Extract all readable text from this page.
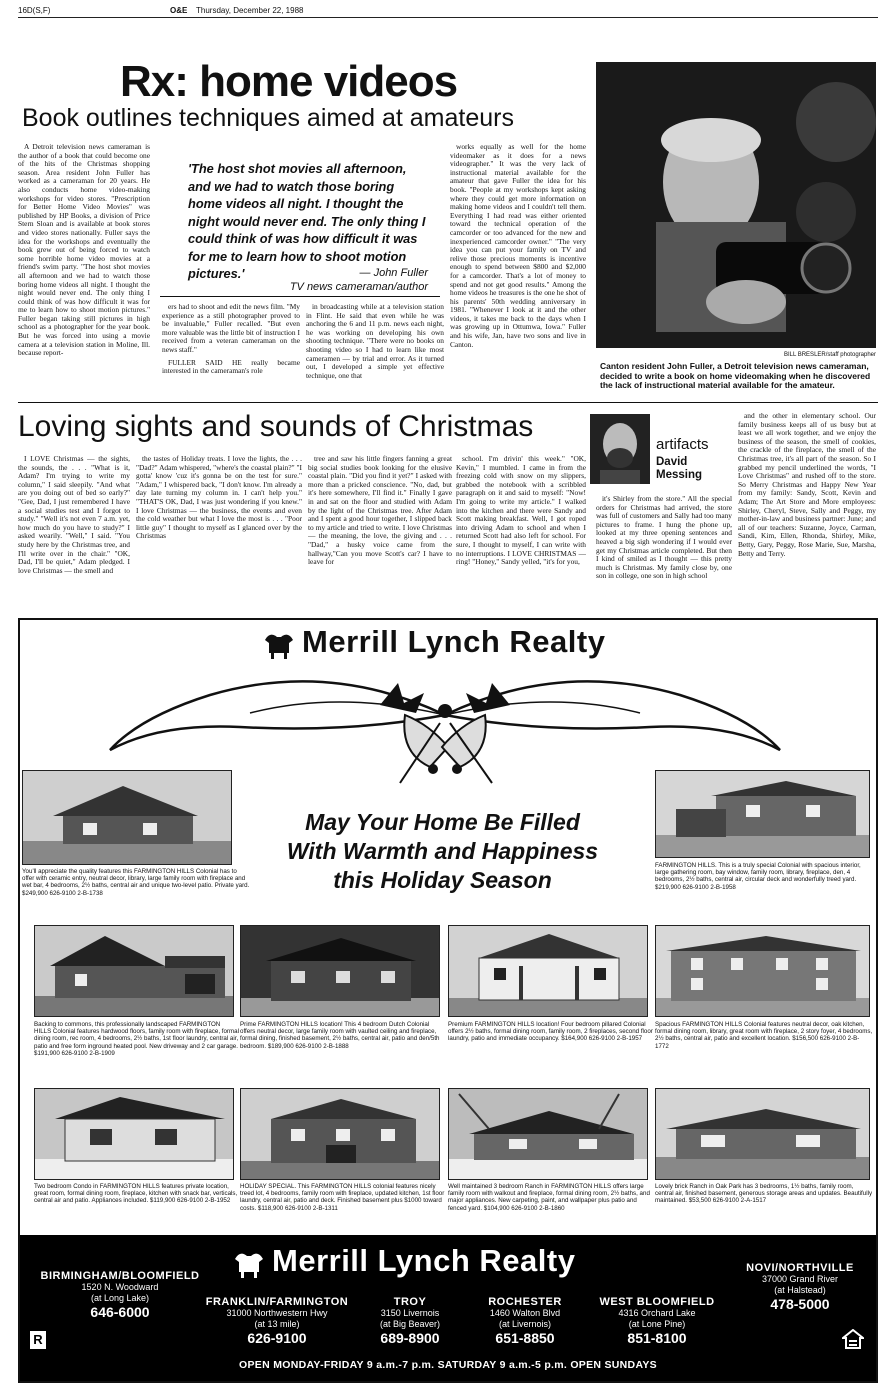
16D(S,F)	O&E Thursday, December 22, 1988
Rx: home videos
Book outlines techniques aimed at amateurs

A Detroit television news cameraman is the author of a book that could become one of the hits of the Christmas shopping season. Area resident John Fuller has worked as a cameraman for 20 years. He also conducts home video-making workshops for video stores. "Prescription for Better Home Video Movies" was published by HP Books, a division of Price Stern Sloan and is available at book stores and video stores nationally. Fuller says the idea for the workshops and eventually the book grew out of being forced to watch some horrible home video movies at a friend's swim party. "The host shot movies all afternoon and we had to watch those boring home videos all night. I thought the night would never end. The only thing I could think of was how difficult it was for me to learn how to shoot motion pictures." Fuller began taking still pictures in high school as a photographer for the year book. But he was forced into using a movie camera at a television station in Moline, Ill. because report-

'The host shot movies all afternoon, and we had to watch those boring home videos all night. I thought the night would never end. The only thing I could think of was how difficult it was for me to learn how to shoot motion pictures.'	— John Fuller
TV news cameraman/author

ers had to shoot and edit the news film. "My experience as a still photographer proved to be invaluable," Fuller recalled. "But even more valuable was the little bit of instruction I received from a veteran cameraman on the news staff."

FULLER SAID HE really became interested in the cameraman's role

in broadcasting while at a television station in Flint. He said that even while he was anchoring the 6 and 11 p.m. news each night, he was working on developing his own shooting technique. "There were no books on shooting video so I had to learn like most cameramen — by trial and error. As it turned out, I developed a simple yet effective technique, one that

works equally as well for the home videomaker as it does for a news videographer." It was the very lack of instructional material available for the amateur that gave Fuller the idea for his book. "People at my workshops kept asking where they could get more information on making home videos and I couldn't tell them. Everything I had read was either oriented toward the technical operation of the camcorder or too advanced for the new and inexperienced camcorder owner." "The very idea you can put your family on TV and relive those precious moments is incentive enough to spend between $800 and $2,000 for a camcorder. That's a lot of money to spend and not get good results." Among the home videos he treasures is the one he shot of his parents' 50th wedding anniversary in 1981. "Whenever I look at it and the other videos, it takes me back to the days when I was growing up in Ottumwa, Iowa." Fuller and his wife, Jan, have two sons and live in Canton.

BILL BRESLER/staff photographer
Canton resident John Fuller, a Detroit television news cameraman, decided to write a book on home videomaking when he discovered the lack of instructional material available for the amateur.
Loving sights and sounds of Christmas
artifacts
David
Messing

I LOVE Christmas — the sights, the sounds, the . . . "What is it, Adam? I'm trying to write my column," I said sleepily. "And what are you doing out of bed so early?" "Gee, Dad, I just remembered I have a social studies test and I forgot to study." "Well it's not even 7 a.m. yet, how much do you have to study?" I asked wearily. "Well," I said. "You study here by the Christmas tree, and I'll write over in the chair." "OK, Dad, I'll be quiet," Adam pledged. I love Christmas — the smell and

the tastes of Holiday treats. I love the lights, the . . . "Dad?" Adam whispered, "where's the coastal plain?" "I gotta' know 'cuz it's gonna be on the test for sure." "Adam," I whispered back, "I don't know. I'm already a day late turning my column in. I can't help you." "THAT'S OK, Dad, I was just wondering if you knew." I love Christmas — the business, the events and even the cold weather but what I love the most is . . . "Poor little guy" I thought to myself as I glanced over by the Christmas

tree and saw his little fingers fanning a great big social studies book looking for the elusive coastal plain. "Did you find it yet?" I asked with more than a pricked conscience. "No, dad, but it's here somewhere, I'll find it." Finally I gave in and sat on the floor and studied with Adam by the light of the Christmas tree. After Adam and I spent a good hour together, I slipped back to my article and tried to write. I love Christmas — the meaning, the love, the giving and . . . "Dad," a husky voice came from the hallway,"Can you move Scott's car? I have to leave for

school. I'm drivin' this week." "OK, Kevin," I mumbled. I came in from the freezing cold with snow on my slippers, grabbed the notebook with a scribbled paragraph on it and said to myself: "Now! I'm going to write my article." I walked into the kitchen and there were Sandy and Scott making breakfast. Well, I got roped into driving Adam to school and when I returned Scott had also left for school. For sure, I thought to myself, I can write with no interruptions. I LOVE CHRISTMAS — ring! "Honey," Sandy yelled, "it's for you,

it's Shirley from the store." All the special orders for Christmas had arrived, the store was full of customers and Sally had too many pictures to frame. I hung the phone up, looked at my three opening sentences and heaved a big sigh wondering if I would ever get my Christmas article completed. But then I kind of smiled as I thought — this pretty much is Christmas. My family close by, one son in college, one son in high school

and the other in elementary school. Our family business keeps all of us busy but at least we all work together, and we enjoy the business of the season, the smell of cookies, the crackle of the fireplace, the smell of the Christmas tree, it's all part of the season. So I grabbed my pencil underlined the words, "I Love Christmas" and rushed off to the store. So Merry Christmas and Happy New Year from my family: Sandy, Scott, Kevin and Adam; The Art Store and More employees: Shirley, Cheryl, Steve, Sally and Peggy, my mother-in-law and business partner: June; and all of our teachers: Suzanne, Joyce, Carman, Sandi, Kim, Ellen, Rhonda, Shirley, Mike, Betty, Gary, Peggy, Rose Marie, Sue, Marsha, Betty and Terry.

Merrill Lynch Realty
May Your Home Be Filled
With Warmth and Happiness
this Holiday Season
You'll appreciate the quality features this FARMINGTON HILLS Colonial has to offer with ceramic entry, neutral decor, library, large family room with fireplace and wet bar, 4 bedrooms, 2½ baths, central air and unique two-level patio. Private yard. $249,900 626-9100 2-B-1738
FARMINGTON HILLS. This is a truly special Colonial with spacious interior, large gathering room, bay window, family room, library, fireplace, den, 4 bedrooms, 2½ baths, central air, circular deck and wonderfully treed yard. $219,900 626-9100 2-B-1958
Backing to commons, this professionally landscaped FARMINGTON HILLS Colonial features hardwood floors, family room with fireplace, formal dining room, rec room, 4 bedrooms, 2½ baths, 1st floor laundry, central air, patio and free form inground heated pool. New driveway and 2 car garage. $191,900 626-9100 2-B-1909
Prime FARMINGTON HILLS location! This 4 bedroom Dutch Colonial offers neutral decor, large family room with vaulted ceiling and fireplace, formal dining, finished basement, 2½ baths, central air, patio and den/5th bedroom. $189,900 626-9100 2-B-1888
Premium FARMINGTON HILLS location! Four bedroom pillared Colonial offers 2½ baths, formal dining room, family room, 2 fireplaces, second floor laundry, patio and immediate occupancy. $164,900 626-9100 2-B-1957
Spacious FARMINGTON HILLS Colonial features neutral decor, oak kitchen, formal dining room, library, great room with fireplace, 2 story foyer, 4 bedrooms, 2½ baths, central air, patio and excellent location. $156,500 626-9100 2-B-1772
Two bedroom Condo in FARMINGTON HILLS features private location, great room, formal dining room, fireplace, kitchen with snack bar, verticals, central air and patio. Appliances included. $119,900 626-9100 2-B-1952
HOLIDAY SPECIAL. This FARMINGTON HILLS colonial features nicely treed lot, 4 bedrooms, family room with fireplace, updated kitchen, 1st floor laundry, central air, patio and deck. Finished basement plus $1000 toward costs. $118,900 626-9100 2-B-1311
Well maintained 3 bedroom Ranch in FARMINGTON HILLS offers large family room with walkout and fireplace, formal dining room, 2½ baths, and major appliances. New carpeting, paint, and wallpaper plus patio and fenced yard. $104,900 626-9100 2-B-1860
Lovely brick Ranch in Oak Park has 3 bedrooms, 1½ baths, family room, central air, finished basement, generous storage areas and updates. Beautifully maintained. $53,500 626-9100 2-A-1517
Merrill Lynch Realty
BIRMINGHAM/BLOOMFIELD
1520 N. Woodward
(at Long Lake)
646-6000
NOVI/NORTHVILLE
37000 Grand River
(at Halstead)
478-5000
FRANKLIN/FARMINGTON
31000 Northwestern Hwy
(at 13 mile)
626-9100
TROY
3150 Livernois
(at Big Beaver)
689-8900
ROCHESTER
1460 Walton Blvd
(at Livernois)
651-8850
WEST BLOOMFIELD
4316 Orchard Lake
(at Lone Pine)
851-8100
R
OPEN MONDAY-FRIDAY 9 a.m.-7 p.m. SATURDAY 9 a.m.-5 p.m. OPEN SUNDAYS
